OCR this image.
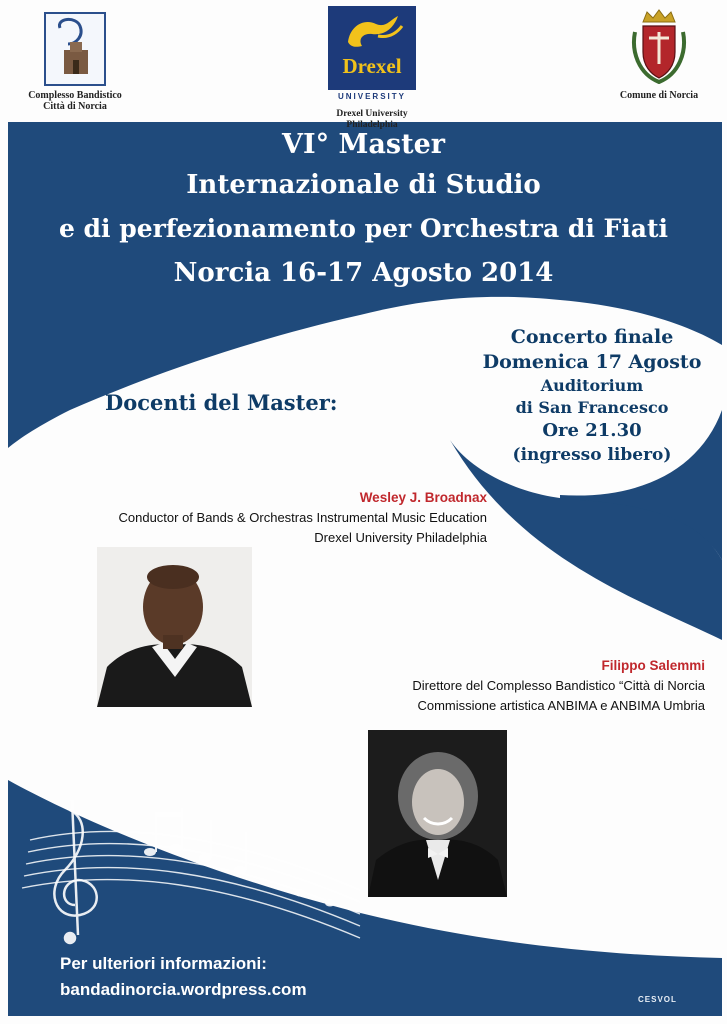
Complesso Bandistico
Città di Norcia
Drexel
UNIVERSITY
Drexel University Philadelphia
Comune di Norcia
VI° Master
Internazionale di Studio
e di perfezionamento per Orchestra di Fiati
Norcia 16-17 Agosto 2014
Concerto finale
Domenica 17 Agosto
Auditorium
di San Francesco
Ore 21.30
(ingresso libero)
Docenti del Master:
Wesley J. Broadnax
Conductor of Bands & Orchestras Instrumental Music Education
Drexel University Philadelphia
Filippo Salemmi
Direttore del Complesso Bandistico “Città di Norcia
Commissione artistica ANBIMA e ANBIMA Umbria
Per ulteriori informazioni:
bandadinorcia.wordpress.com
CESVOL
